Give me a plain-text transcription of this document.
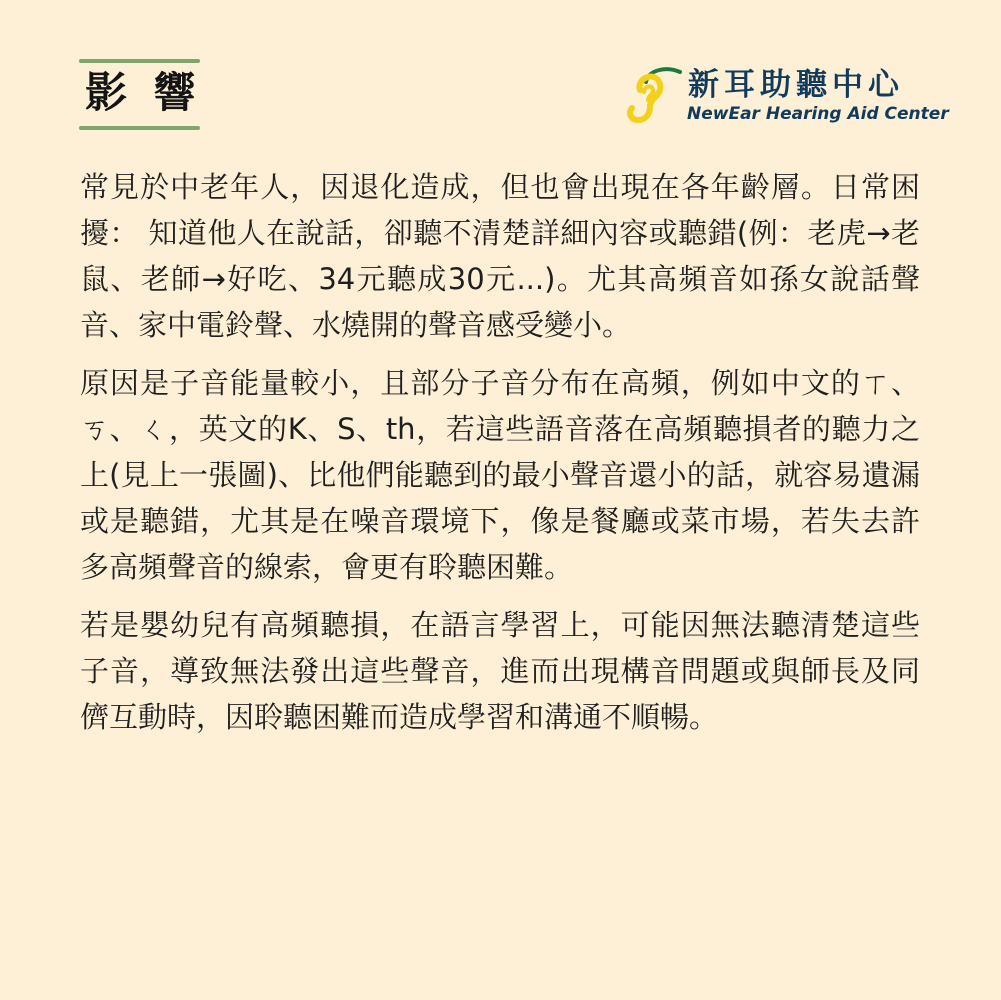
影 響	新耳助聽中心
NewEar Hearing Aid Center

常見於中老年人，因退化造成，但也會出現在各年齡層。日常困擾： 知道他人在說話，卻聽不清楚詳細內容或聽錯(例：老虎→老鼠、老師→好吃、34元聽成30元...)。尤其高頻音如孫女說話聲音、家中電鈴聲、水燒開的聲音感受變小。

原因是子音能量較小，且部分子音分布在高頻，例如中文的ㄒ、ㄎ、ㄑ，英文的K、S、th，若這些語音落在高頻聽損者的聽力之上(見上一張圖)、比他們能聽到的最小聲音還小的話，就容易遺漏或是聽錯，尤其是在噪音環境下，像是餐廳或菜市場，若失去許多高頻聲音的線索，會更有聆聽困難。

若是嬰幼兒有高頻聽損，在語言學習上，可能因無法聽清楚這些子音，導致無法發出這些聲音，進而出現構音問題或與師長及同儕互動時，因聆聽困難而造成學習和溝通不順暢。
